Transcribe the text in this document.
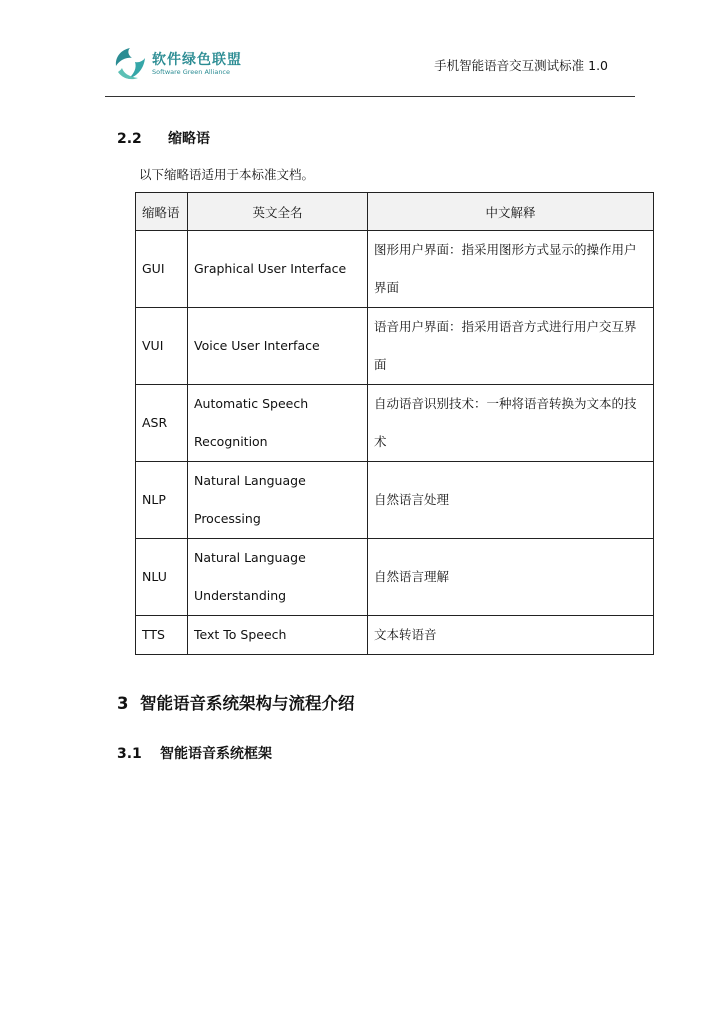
软件绿色联盟
Software Green Alliance	手机智能语音交互测试标准 1.0
2.2 缩略语
以下缩略语适用于本标准文档。
缩略语	英文全名	中文解释
GUI	Graphical User Interface	图形用户界面：指采用图形方式显示的操作用户界面
VUI	Voice User Interface	语音用户界面：指采用语音方式进行用户交互界面
ASR	Automatic Speech Recognition	自动语音识别技术：一种将语音转换为文本的技术
NLP	Natural Language Processing	自然语言处理
NLU	Natural Language Understanding	自然语言理解
TTS	Text To Speech	文本转语音
3 智能语音系统架构与流程介绍
3.1 智能语音系统框架
